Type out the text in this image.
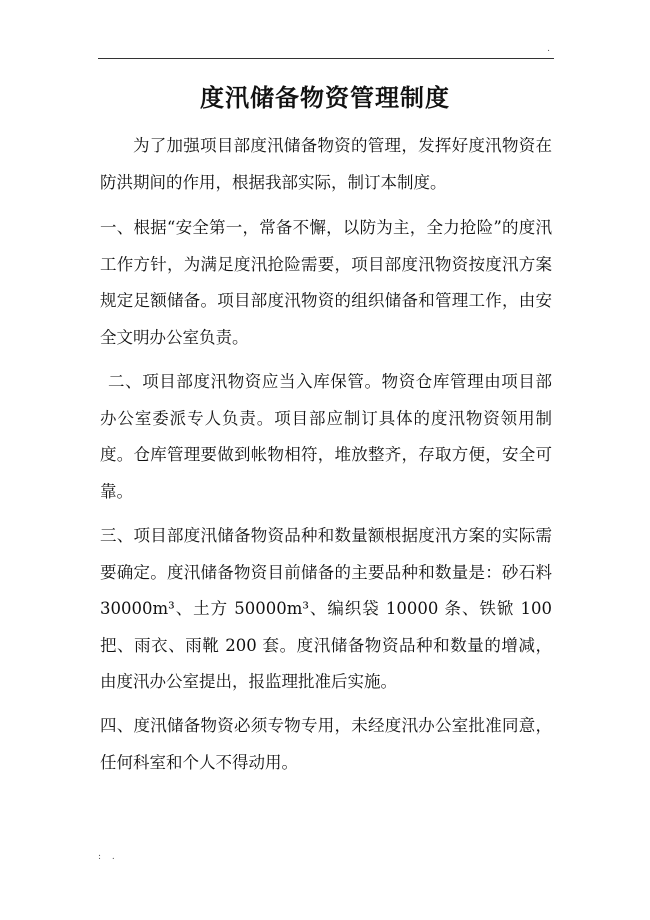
.
度汛储备物资管理制度

为了加强项目部度汛储备物资的管理，发挥好度汛物资在防洪期间的作用，根据我部实际，制订本制度。

一、根据“安全第一，常备不懈，以防为主，全力抢险”的度汛工作方针，为满足度汛抢险需要，项目部度汛物资按度汛方案规定足额储备。项目部度汛物资的组织储备和管理工作，由安全文明办公室负责。

二、项目部度汛物资应当入库保管。物资仓库管理由项目部办公室委派专人负责。项目部应制订具体的度汛物资领用制度。仓库管理要做到帐物相符，堆放整齐，存取方便，安全可靠。

三、项目部度汛储备物资品种和数量额根据度汛方案的实际需要确定。度汛储备物资目前储备的主要品种和数量是：砂石料 30000m³、土方 50000m³、编织袋 10000 条、铁锨 100 把、雨衣、雨靴 200 套。度汛储备物资品种和数量的增减，由度汛办公室提出，报监理批准后实施。

四、度汛储备物资必须专物专用，未经度汛办公室批准同意，任何科室和个人不得动用。

: .
